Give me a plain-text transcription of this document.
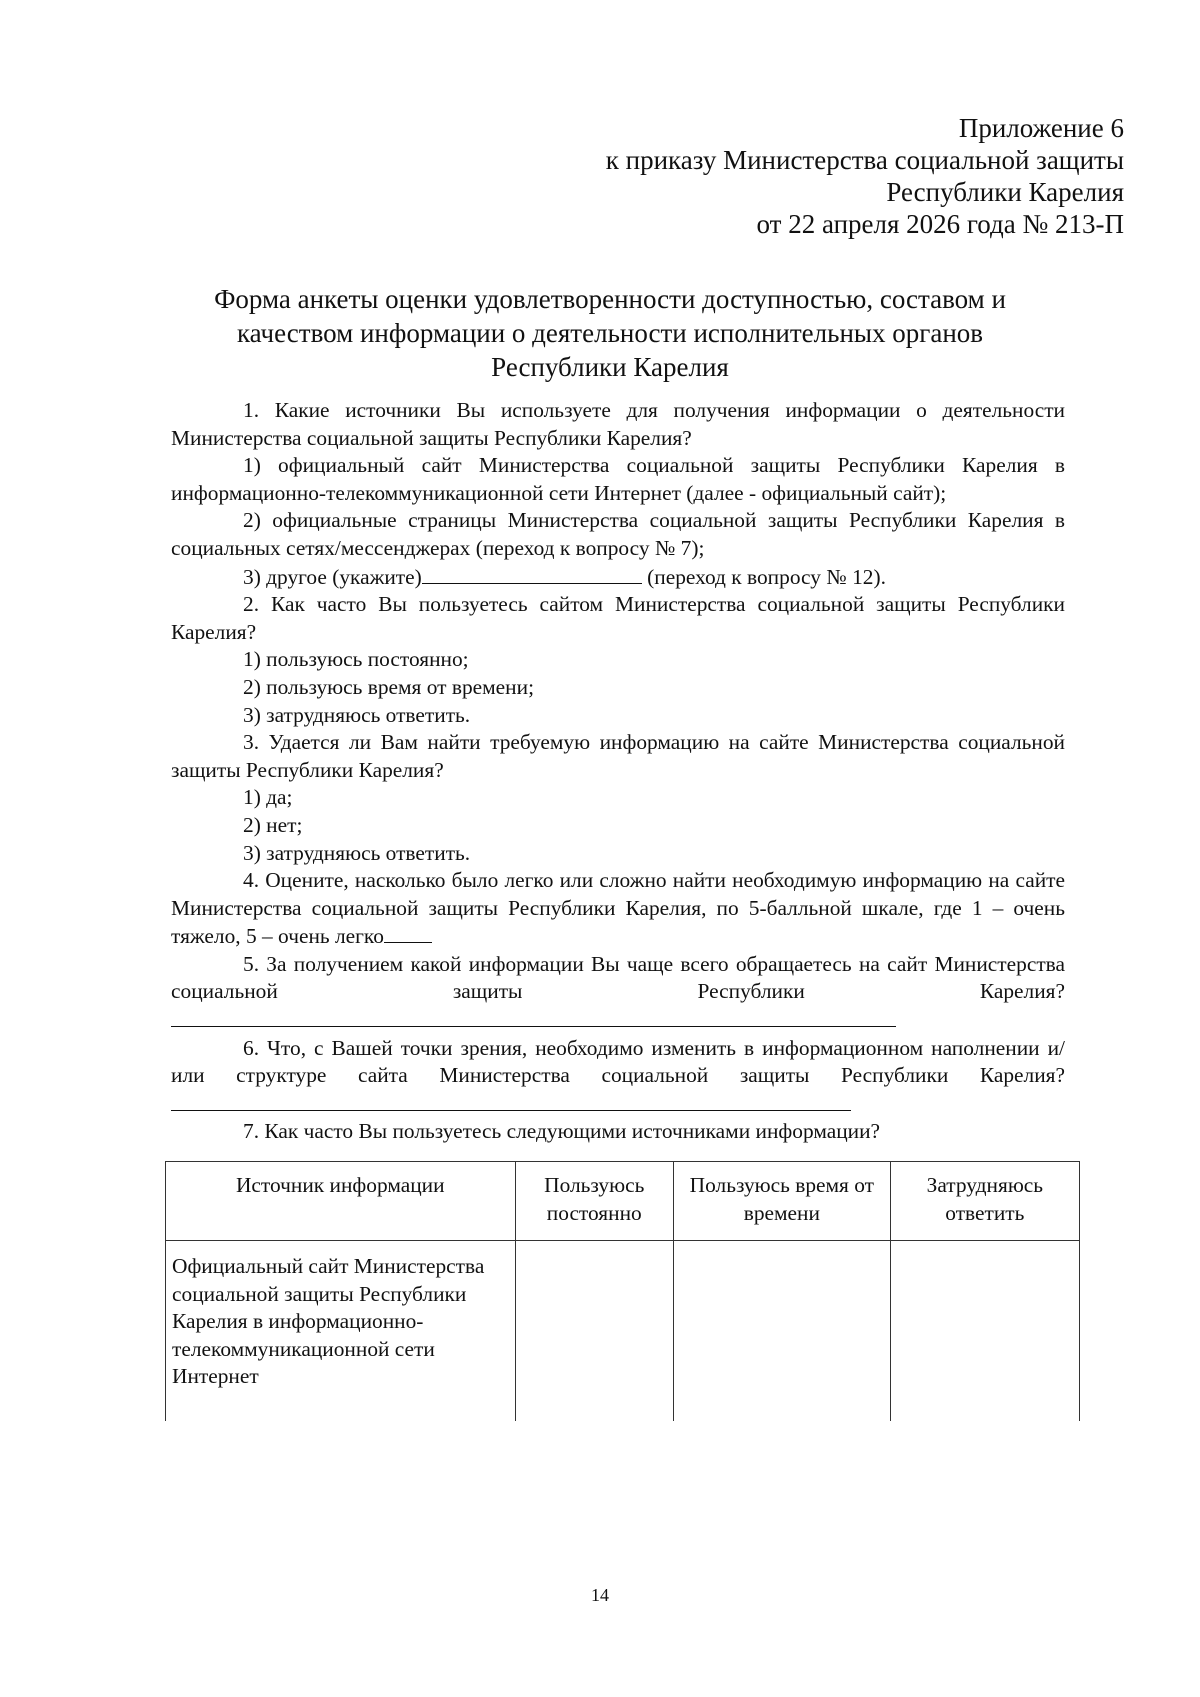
Приложение 6
к приказу Министерства социальной защиты
Республики Карелия
от 22 апреля 2026 года № 213-П
Форма анкеты оценки удовлетворенности доступностью, составом и
качеством информации о деятельности исполнительных органов
Республики Карелия

1. Какие источники Вы используете для получения информации о деятельности Министерства социальной защиты Республики Карелия?

1) официальный сайт Министерства социальной защиты Республики Карелия в информационно-телекоммуникационной сети Интернет (далее - официальный сайт);

2) официальные страницы Министерства социальной защиты Республики Карелия в социальных сетях/мессенджерах (переход к вопросу № 7);

3) другое (укажите)	(переход к вопросу № 12).

2. Как часто Вы пользуетесь сайтом Министерства социальной защиты Республики Карелия?

1) пользуюсь постоянно;

2) пользуюсь время от времени;

3) затрудняюсь ответить.

3. Удается ли Вам найти требуемую информацию на сайте Министерства социальной защиты Республики Карелия?

1) да;

2) нет;

3) затрудняюсь ответить.

4. Оцените, насколько было легко или сложно найти необходимую информацию на сайте Министерства социальной защиты Республики Карелия, по 5-балльной шкале, где 1 – очень тяжело, 5 – очень легко

5. За получением какой информации Вы чаще всего обращаетесь на сайт Министерства социальной защиты Республики	Карелия?

6. Что, с Вашей точки зрения, необходимо изменить в информационном наполнении и/или структуре сайта Министерства социальной защиты Республики Карелия?

7. Как часто Вы пользуетесь следующими источниками информации?

Источник информации	Пользуюсь постоянно	Пользуюсь время от времени	Затрудняюсь ответить
Официальный сайт Министерства социальной защиты Республики Карелия в информационно-телекоммуникационной сети Интернет			
14
